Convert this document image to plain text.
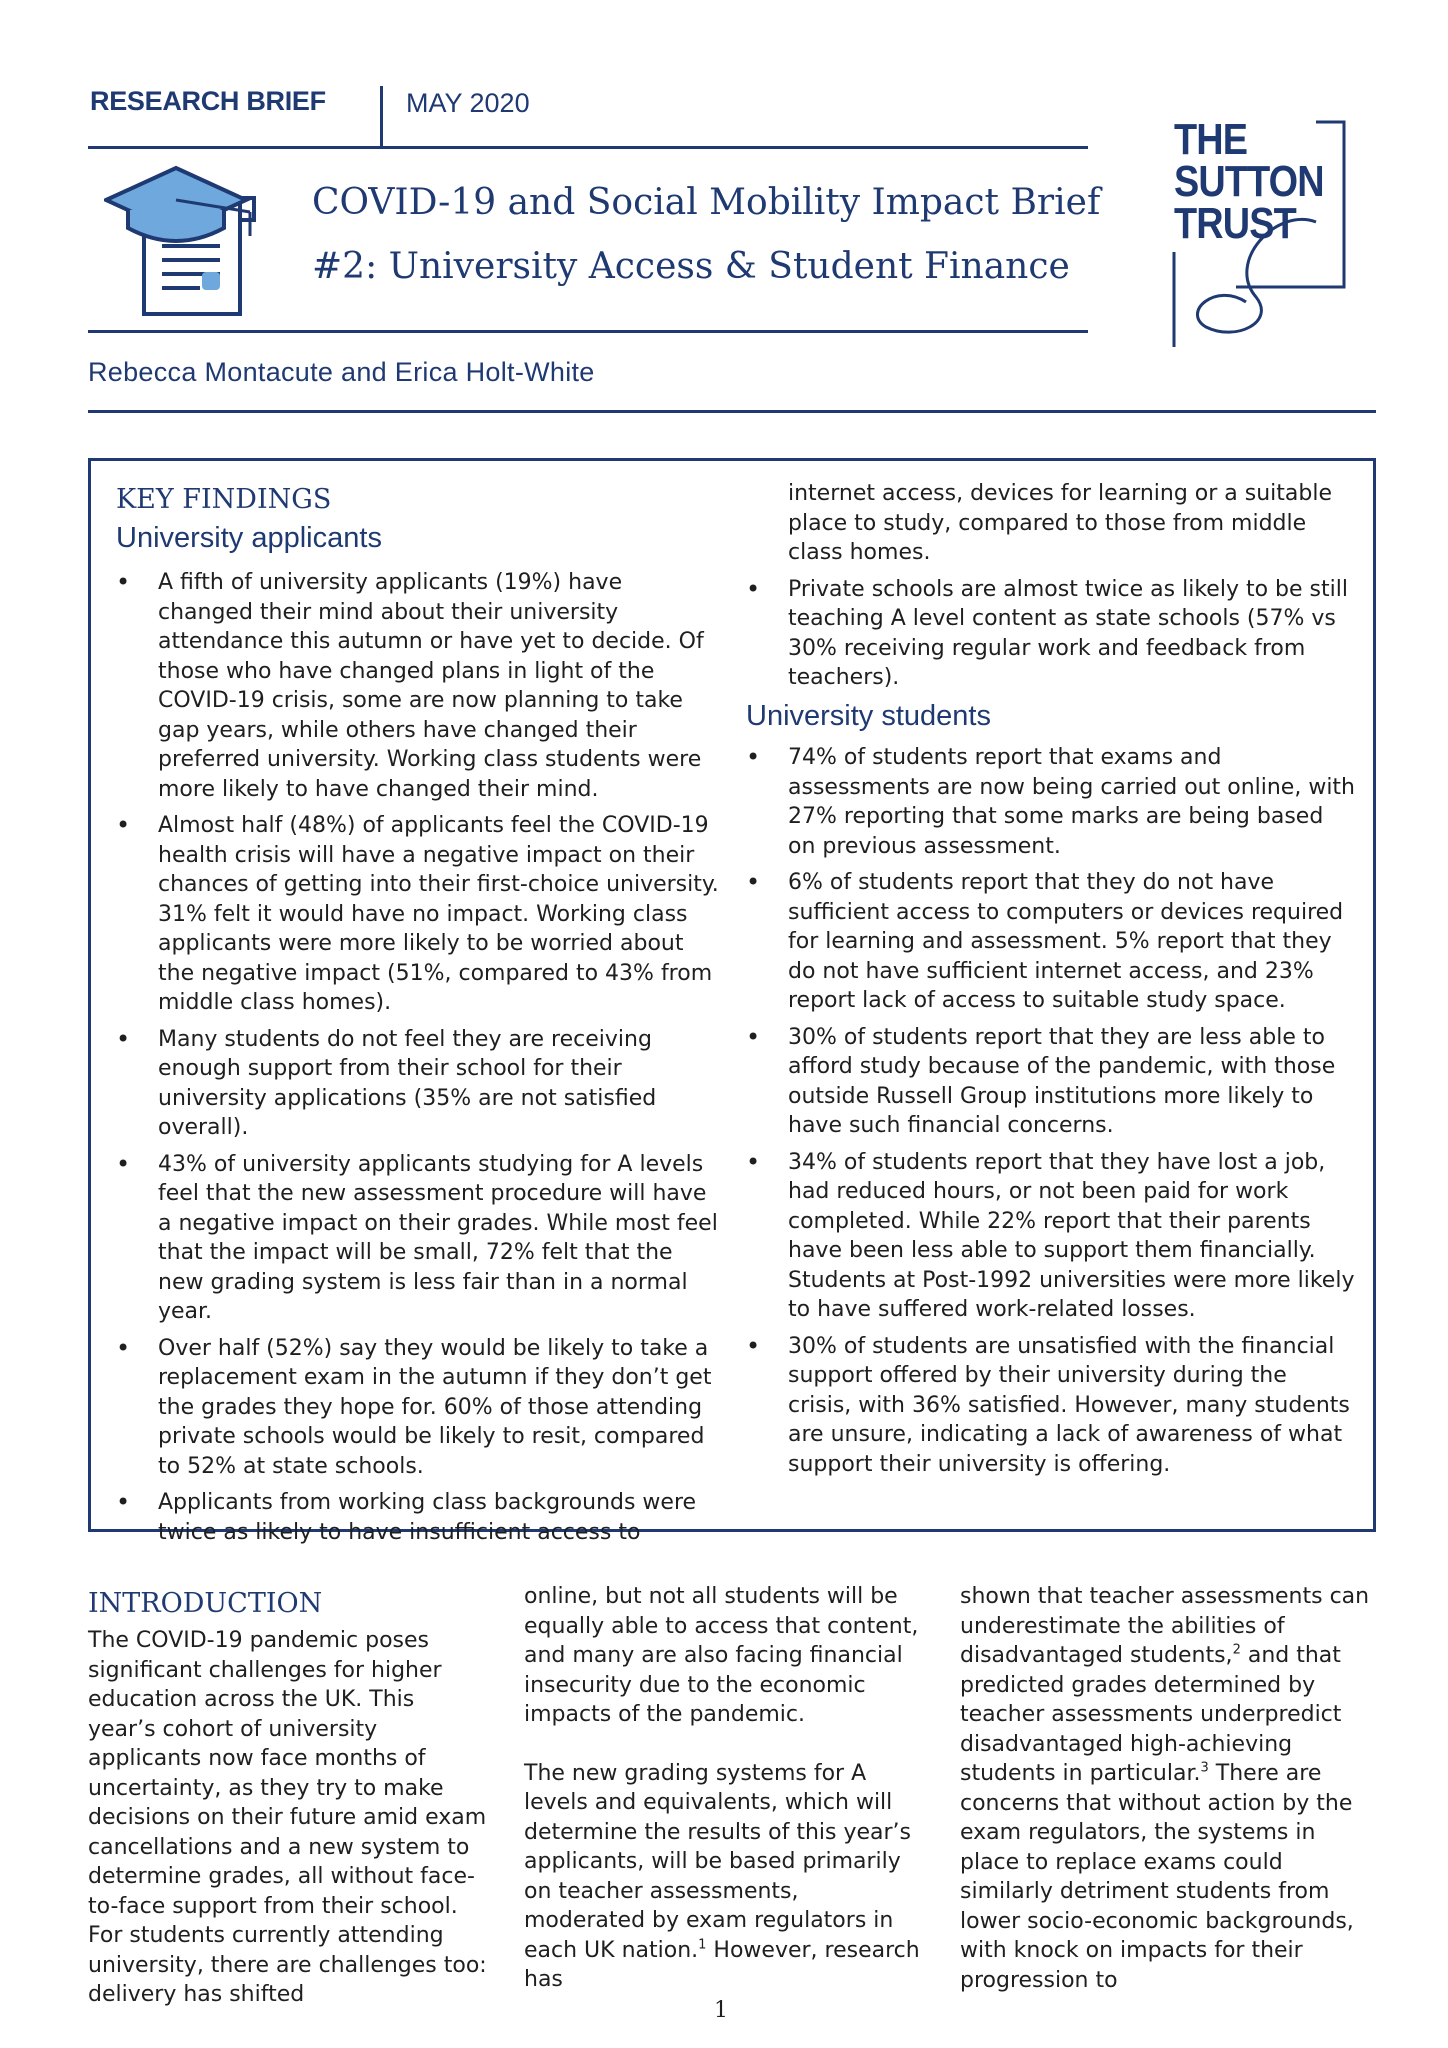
RESEARCH BRIEF	MAY 2020
COVID-19 and Social Mobility Impact Brief
#2: University Access & Student Finance
THE
SUTTON
TRUST
Rebecca Montacute and Erica Holt-White
KEY FINDINGS
University applicants
• A fifth of university applicants (19%) have changed their mind about their university attendance this autumn or have yet to decide. Of those who have changed plans in light of the COVID-19 crisis, some are now planning to take gap years, while others have changed their preferred university. Working class students were more likely to have changed their mind.
• Almost half (48%) of applicants feel the COVID-19 health crisis will have a negative impact on their chances of getting into their first-choice university. 31% felt it would have no impact. Working class applicants were more likely to be worried about the negative impact (51%, compared to 43% from middle class homes).
• Many students do not feel they are receiving enough support from their school for their university applications (35% are not satisfied overall).
• 43% of university applicants studying for A levels feel that the new assessment procedure will have a negative impact on their grades. While most feel that the impact will be small, 72% felt that the new grading system is less fair than in a normal year.
• Over half (52%) say they would be likely to take a replacement exam in the autumn if they don’t get the grades they hope for. 60% of those attending private schools would be likely to resit, compared to 52% at state schools.
• Applicants from working class backgrounds were twice as likely to have insufficient access to

internet access, devices for learning or a suitable place to study, compared to those from middle class homes.

• Private schools are almost twice as likely to be still teaching A level content as state schools (57% vs 30% receiving regular work and feedback from teachers).
University students
• 74% of students report that exams and assessments are now being carried out online, with 27% reporting that some marks are being based on previous assessment.
• 6% of students report that they do not have sufficient access to computers or devices required for learning and assessment. 5% report that they do not have sufficient internet access, and 23% report lack of access to suitable study space.
• 30% of students report that they are less able to afford study because of the pandemic, with those outside Russell Group institutions more likely to have such financial concerns.
• 34% of students report that they have lost a job, had reduced hours, or not been paid for work completed. While 22% report that their parents have been less able to support them financially. Students at Post-1992 universities were more likely to have suffered work-related losses.
• 30% of students are unsatisfied with the financial support offered by their university during the crisis, with 36% satisfied. However, many students are unsure, indicating a lack of awareness of what support their university is offering.
INTRODUCTION

The COVID-19 pandemic poses significant challenges for higher education across the UK. This year’s cohort of university applicants now face months of uncertainty, as they try to make decisions on their future amid exam cancellations and a new system to determine grades, all without face-to-face support from their school. For students currently attending university, there are challenges too: delivery has shifted

online, but not all students will be equally able to access that content, and many are also facing financial insecurity due to the economic impacts of the pandemic.

The new grading systems for A levels and equivalents, which will determine the results of this year’s applicants, will be based primarily on teacher assessments, moderated by exam regulators in each UK nation.$^1$ However, research has

shown that teacher assessments can underestimate the abilities of disadvantaged students,$^2$ and that predicted grades determined by teacher assessments underpredict disadvantaged high-achieving students in particular.$^3$ There are concerns that without action by the exam regulators, the systems in place to replace exams could similarly detriment students from lower socio-economic backgrounds, with knock on impacts for their progression to

1
